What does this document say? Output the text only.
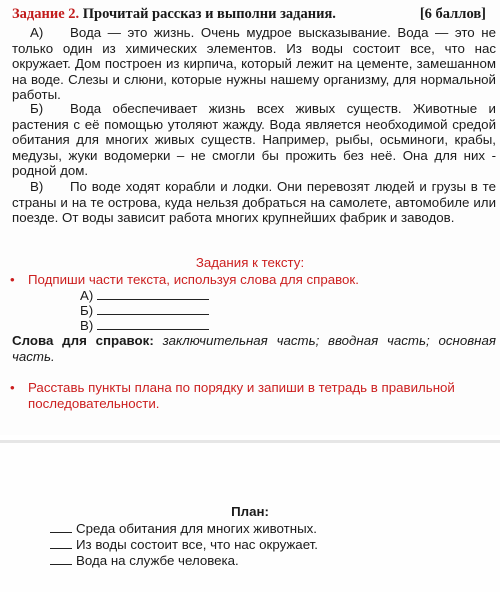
Задание 2. Прочитай рассказ и выполни задания.	[6 баллов]
А) Вода — это жизнь. Очень мудрое высказывание. Вода — это не только один из химических элементов. Из воды состоит все, что нас окружает. Дом построен из кирпича, который лежит на цементе, замешанном на воде. Слезы и слюни, которые нужны нашему организму, для нормальной работы.
Б) Вода обеспечивает жизнь всех живых существ. Животные и растения с её помощью утоляют жажду. Вода является необходимой средой обитания для многих живых существ. Например, рыбы, осьминоги, крабы, медузы, жуки водомерки – не смогли бы прожить без неё. Она для них - родной дом.
В) По воде ходят корабли и лодки. Они перевозят людей и грузы в те страны и на те острова, куда нельзя добраться на самолете, автомобиле или поезде. От воды зависит работа многих крупнейших фабрик и заводов.
Задания к тексту:
• Подпиши части текста, используя слова для справок.
А)
Б)
В)
Слова для справок: заключительная часть; вводная часть; основная часть.
• Расставь пункты плана по порядку и запиши в тетрадь в правильной последовательности.
План:
Среда обитания для многих животных.
Из воды состоит все, что нас окружает.
Вода на службе человека.
